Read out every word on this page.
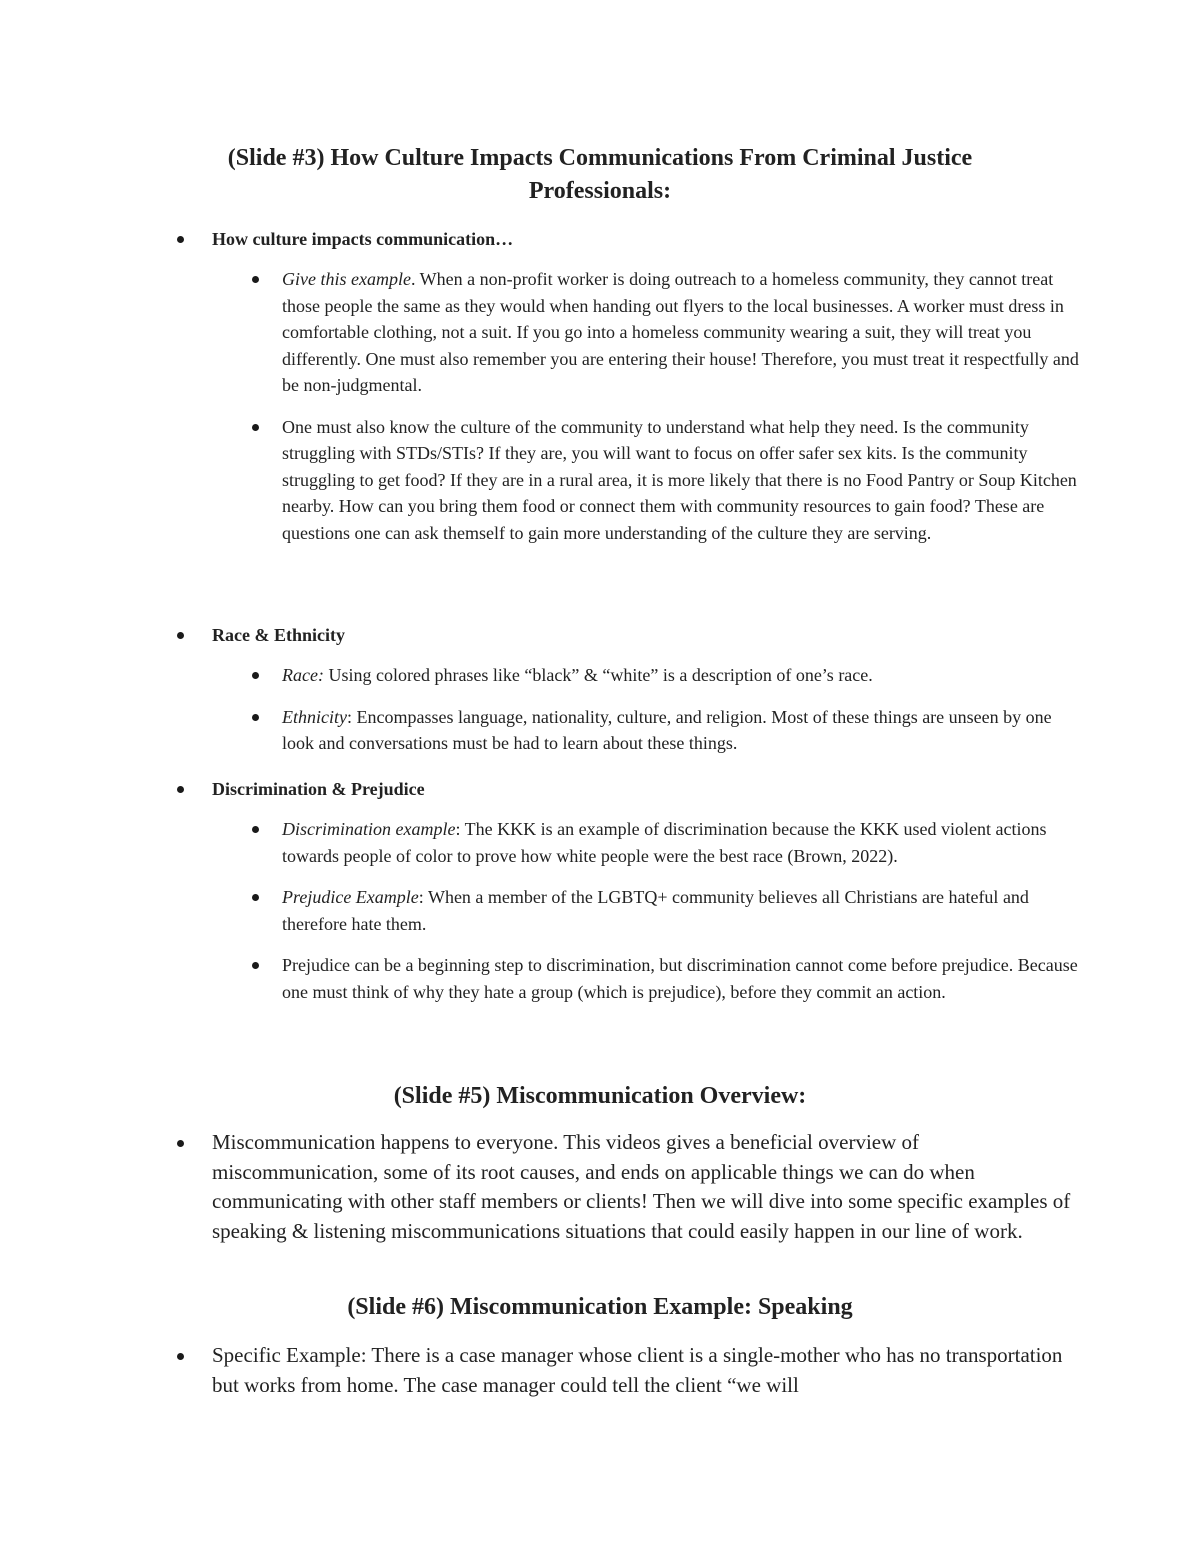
(Slide #3) How Culture Impacts Communications From Criminal Justice
Professionals:
How culture impacts communication…
Give this example. When a non-profit worker is doing outreach to a homeless community, they cannot treat those people the same as they would when handing out flyers to the local businesses. A worker must dress in comfortable clothing, not a suit. If you go into a homeless community wearing a suit, they will treat you differently. One must also remember you are entering their house! Therefore, you must treat it respectfully and be non-judgmental.
One must also know the culture of the community to understand what help they need. Is the community struggling with STDs/STIs? If they are, you will want to focus on offer safer sex kits. Is the community struggling to get food? If they are in a rural area, it is more likely that there is no Food Pantry or Soup Kitchen nearby. How can you bring them food or connect them with community resources to gain food? These are questions one can ask themself to gain more understanding of the culture they are serving.
Race & Ethnicity
Race: Using colored phrases like “black” & “white” is a description of one’s race.
Ethnicity: Encompasses language, nationality, culture, and religion. Most of these things are unseen by one look and conversations must be had to learn about these things.
Discrimination & Prejudice
Discrimination example: The KKK is an example of discrimination because the KKK used violent actions towards people of color to prove how white people were the best race (Brown, 2022).
Prejudice Example: When a member of the LGBTQ+ community believes all Christians are hateful and therefore hate them.
Prejudice can be a beginning step to discrimination, but discrimination cannot come before prejudice. Because one must think of why they hate a group (which is prejudice), before they commit an action.
(Slide #5) Miscommunication Overview:
Miscommunication happens to everyone. This videos gives a beneficial overview of miscommunication, some of its root causes, and ends on applicable things we can do when communicating with other staff members or clients! Then we will dive into some specific examples of speaking & listening miscommunications situations that could easily happen in our line of work.
(Slide #6) Miscommunication Example: Speaking
Specific Example: There is a case manager whose client is a single-mother who has no transportation but works from home. The case manager could tell the client “we will
